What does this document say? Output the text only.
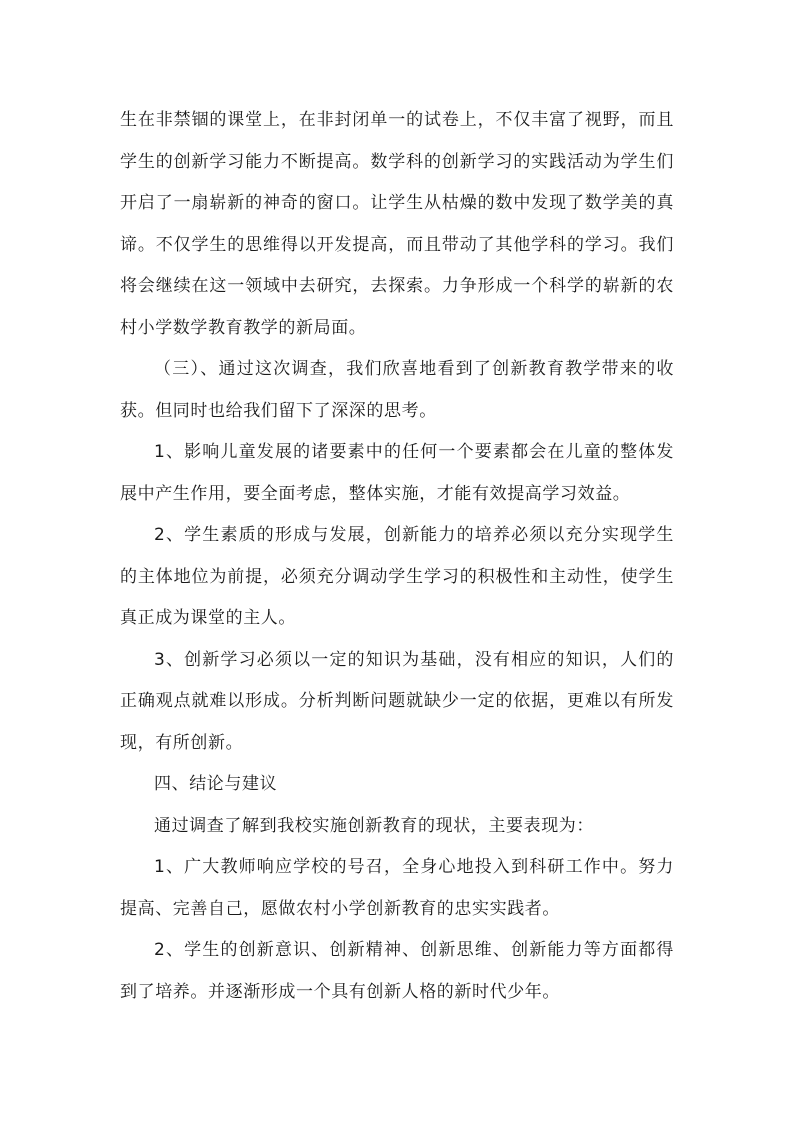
生在非禁锢的课堂上，在非封闭单一的试卷上，不仅丰富了视野，而且学生的创新学习能力不断提高。数学科的创新学习的实践活动为学生们开启了一扇崭新的神奇的窗口。让学生从枯燥的数中发现了数学美的真谛。不仅学生的思维得以开发提高，而且带动了其他学科的学习。我们将会继续在这一领域中去研究，去探索。力争形成一个科学的崭新的农村小学数学教育教学的新局面。

（三）、通过这次调查，我们欣喜地看到了创新教育教学带来的收获。但同时也给我们留下了深深的思考。

1、影响儿童发展的诸要素中的任何一个要素都会在儿童的整体发展中产生作用，要全面考虑，整体实施，才能有效提高学习效益。

2、学生素质的形成与发展，创新能力的培养必须以充分实现学生的主体地位为前提，必须充分调动学生学习的积极性和主动性，使学生真正成为课堂的主人。

3、创新学习必须以一定的知识为基础，没有相应的知识，人们的正确观点就难以形成。分析判断问题就缺少一定的依据，更难以有所发现，有所创新。

四、结论与建议

通过调查了解到我校实施创新教育的现状，主要表现为：

1、广大教师响应学校的号召，全身心地投入到科研工作中。努力提高、完善自己，愿做农村小学创新教育的忠实实践者。

2、学生的创新意识、创新精神、创新思维、创新能力等方面都得到了培养。并逐渐形成一个具有创新人格的新时代少年。
